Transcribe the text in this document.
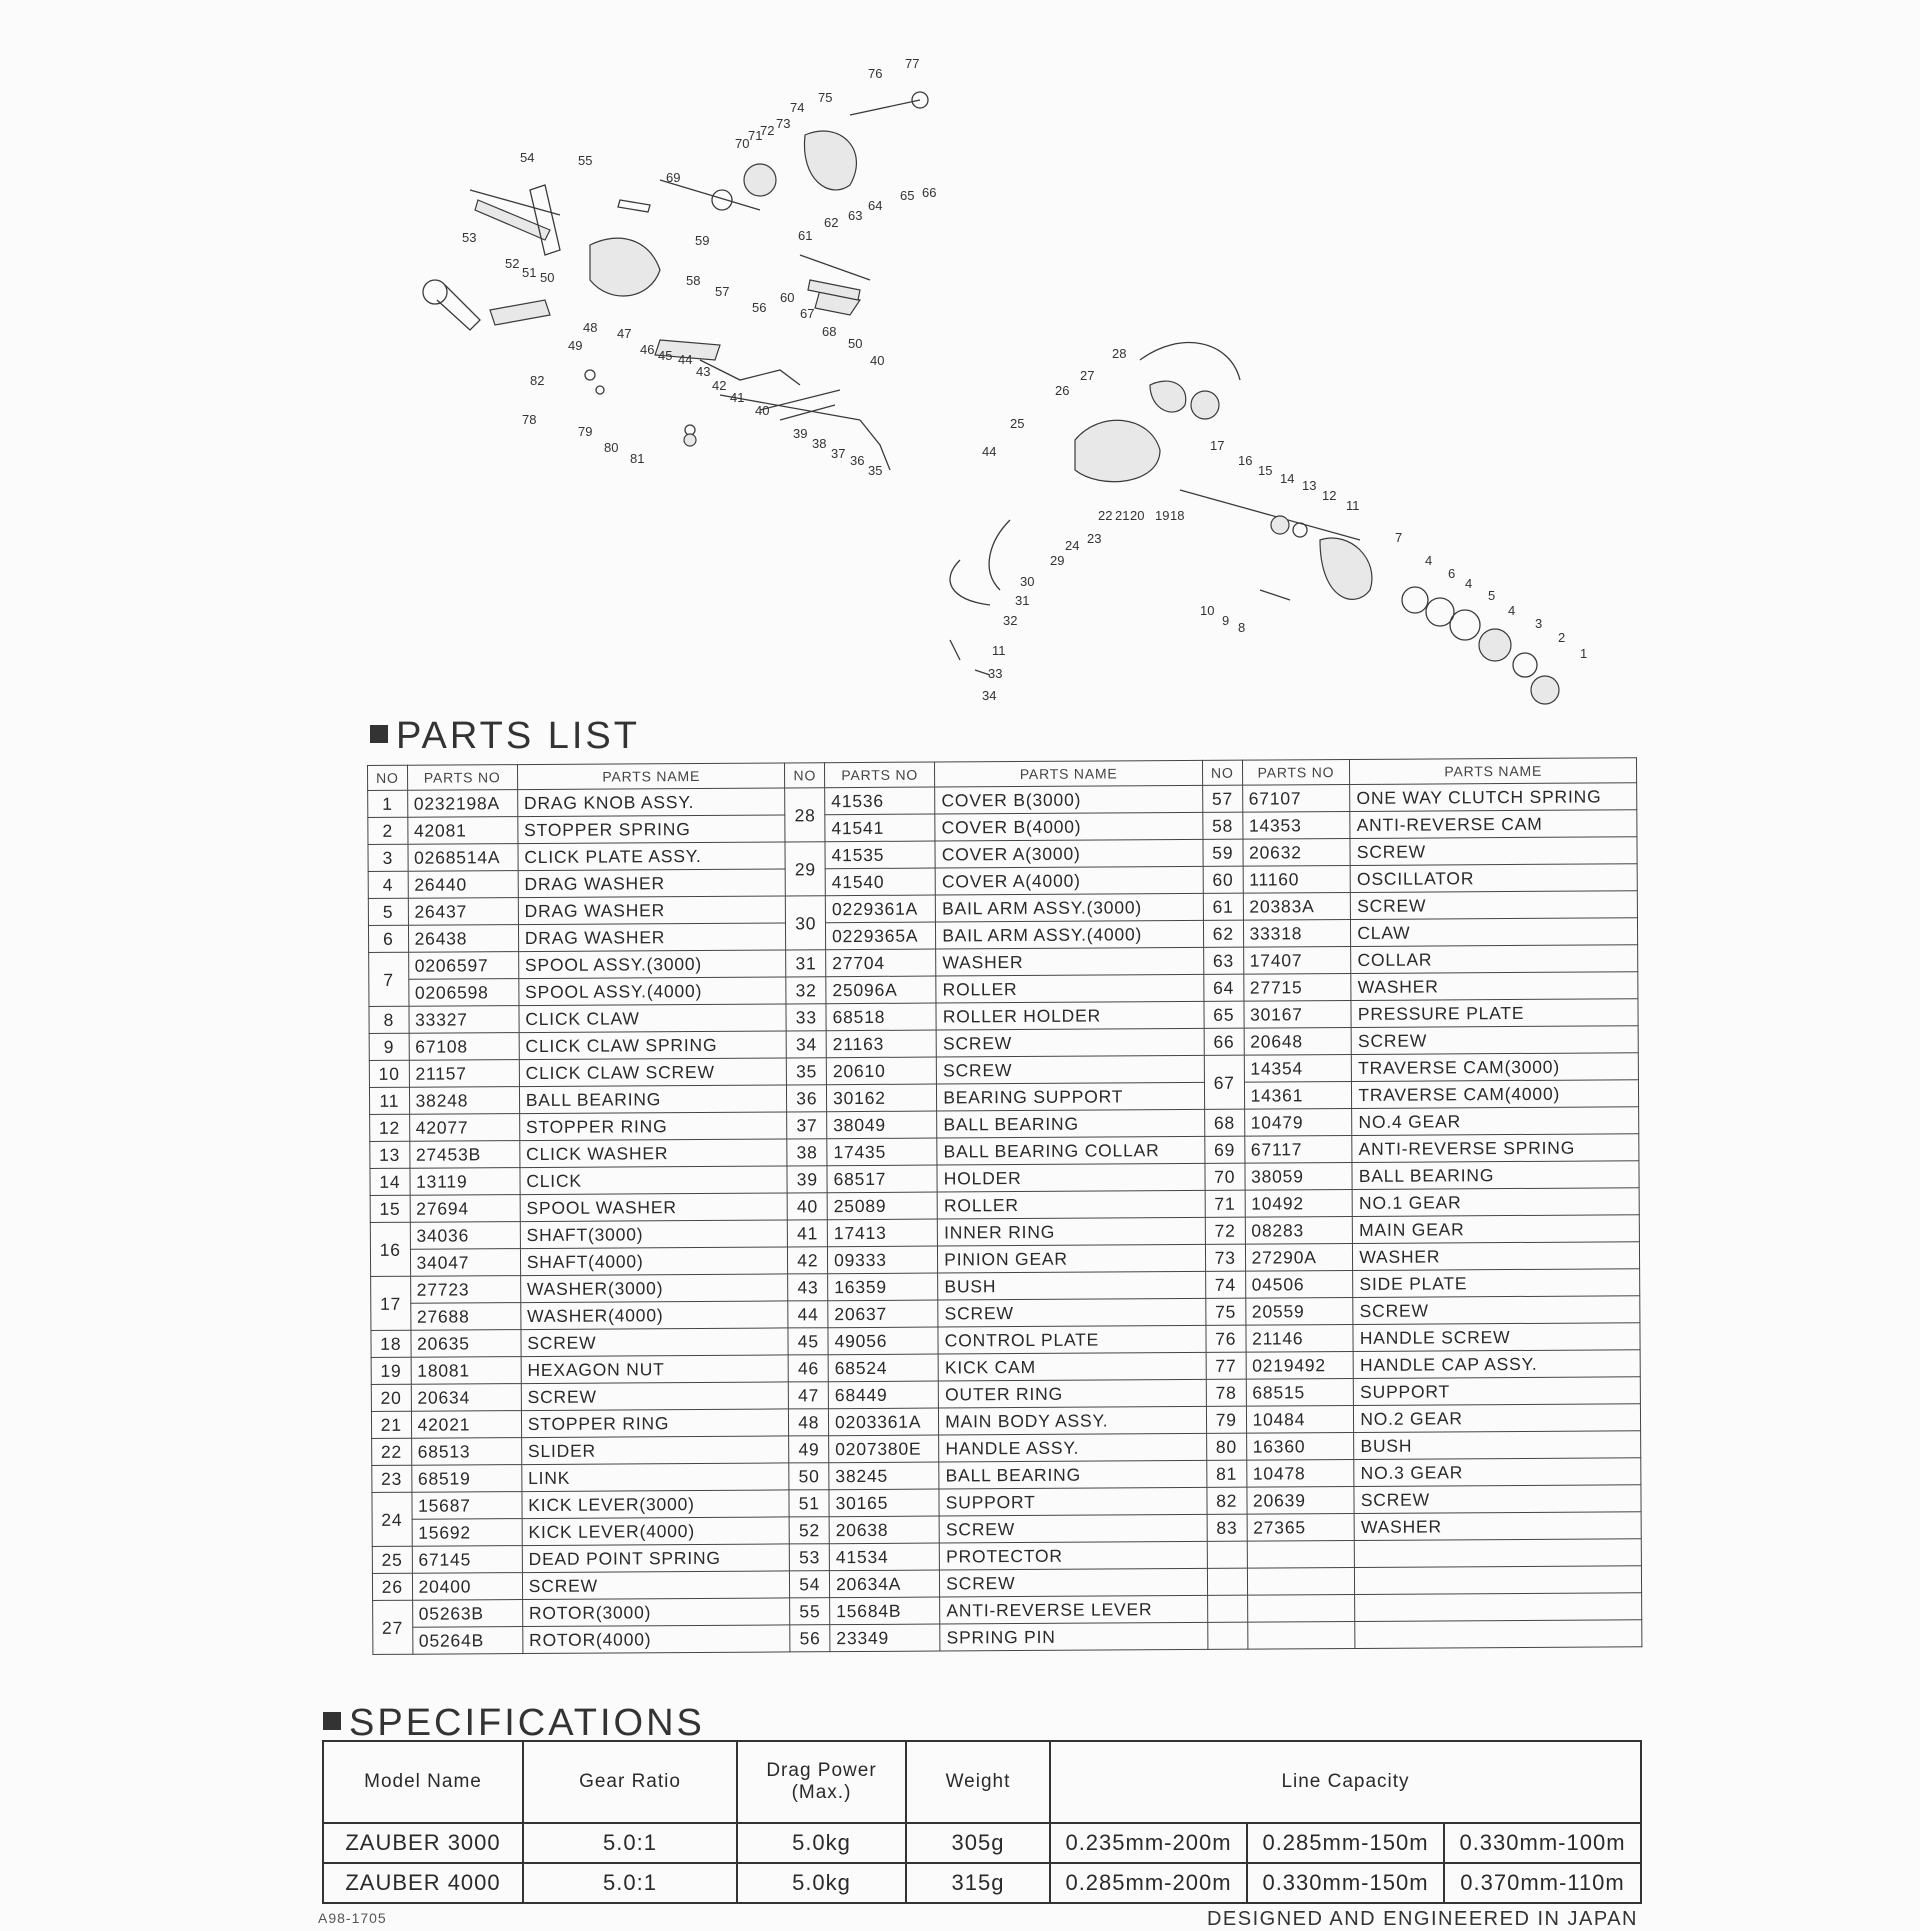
77
76
75
74
73
72
71
70
69
54	55
53
52
51 50
59
58
57
56
60
61
62 63
64
65 66
67
68
50
49
48 47
46 45 44
43
42
41
40
40
39
38
37 36
35
82
78
79
80
81
28
27
26
25
44	17
16
15
14 13
12
11
22 21 20 19 18
23
24
29
30
31
32
11
33
34
7
4
6
4
5
4
3
2
1
10
9 8
PARTS LIST
NO	PARTS NO	PARTS NAME	NO	PARTS NO	PARTS NAME	NO	PARTS NO	PARTS NAME
1	0232198A	DRAG KNOB ASSY.	28	41536	COVER B(3000)	57	67107	ONE WAY CLUTCH SPRING
2	42081	STOPPER SPRING		41541	COVER B(4000)	58	14353	ANTI-REVERSE CAM
3	0268514A	CLICK PLATE ASSY.	29	41535	COVER A(3000)	59	20632	SCREW
4	26440	DRAG WASHER		41540	COVER A(4000)	60	11160	OSCILLATOR
5	26437	DRAG WASHER	30	0229361A	BAIL ARM ASSY.(3000)	61	20383A	SCREW
6	26438	DRAG WASHER		0229365A	BAIL ARM ASSY.(4000)	62	33318	CLAW
7	0206597	SPOOL ASSY.(3000)	31	27704	WASHER	63	17407	COLLAR
	0206598	SPOOL ASSY.(4000)	32	25096A	ROLLER	64	27715	WASHER
8	33327	CLICK CLAW	33	68518	ROLLER HOLDER	65	30167	PRESSURE PLATE
9	67108	CLICK CLAW SPRING	34	21163	SCREW	66	20648	SCREW
10	21157	CLICK CLAW SCREW	35	20610	SCREW	67	14354	TRAVERSE CAM(3000)
11	38248	BALL BEARING	36	30162	BEARING SUPPORT		14361	TRAVERSE CAM(4000)
12	42077	STOPPER RING	37	38049	BALL BEARING	68	10479	NO.4 GEAR
13	27453B	CLICK WASHER	38	17435	BALL BEARING COLLAR	69	67117	ANTI-REVERSE SPRING
14	13119	CLICK	39	68517	HOLDER	70	38059	BALL BEARING
15	27694	SPOOL WASHER	40	25089	ROLLER	71	10492	NO.1 GEAR
16	34036	SHAFT(3000)	41	17413	INNER RING	72	08283	MAIN GEAR
	34047	SHAFT(4000)	42	09333	PINION GEAR	73	27290A	WASHER
17	27723	WASHER(3000)	43	16359	BUSH	74	04506	SIDE PLATE
	27688	WASHER(4000)	44	20637	SCREW	75	20559	SCREW
18	20635	SCREW	45	49056	CONTROL PLATE	76	21146	HANDLE SCREW
19	18081	HEXAGON NUT	46	68524	KICK CAM	77	0219492	HANDLE CAP ASSY.
20	20634	SCREW	47	68449	OUTER RING	78	68515	SUPPORT
21	42021	STOPPER RING	48	0203361A	MAIN BODY ASSY.	79	10484	NO.2 GEAR
22	68513	SLIDER	49	0207380E	HANDLE ASSY.	80	16360	BUSH
23	68519	LINK	50	38245	BALL BEARING	81	10478	NO.3 GEAR
24	15687	KICK LEVER(3000)	51	30165	SUPPORT	82	20639	SCREW
	15692	KICK LEVER(4000)	52	20638	SCREW	83	27365	WASHER
25	67145	DEAD POINT SPRING	53	41534	PROTECTOR			
26	20400	SCREW	54	20634A	SCREW			
27	05263B	ROTOR(3000)	55	15684B	ANTI-REVERSE LEVER			
	05264B	ROTOR(4000)	56	23349	SPRING PIN			
SPECIFICATIONS
Model Name	Gear Ratio	Drag Power (Max.)	Weight	Line Capacity		
ZAUBER 3000	5.0:1	5.0kg	305g	0.235mm-200m	0.285mm-150m	0.330mm-100m
ZAUBER 4000	5.0:1	5.0kg	315g	0.285mm-200m	0.330mm-150m	0.370mm-110m
A98-1705	DESIGNED AND ENGINEERED IN JAPAN
